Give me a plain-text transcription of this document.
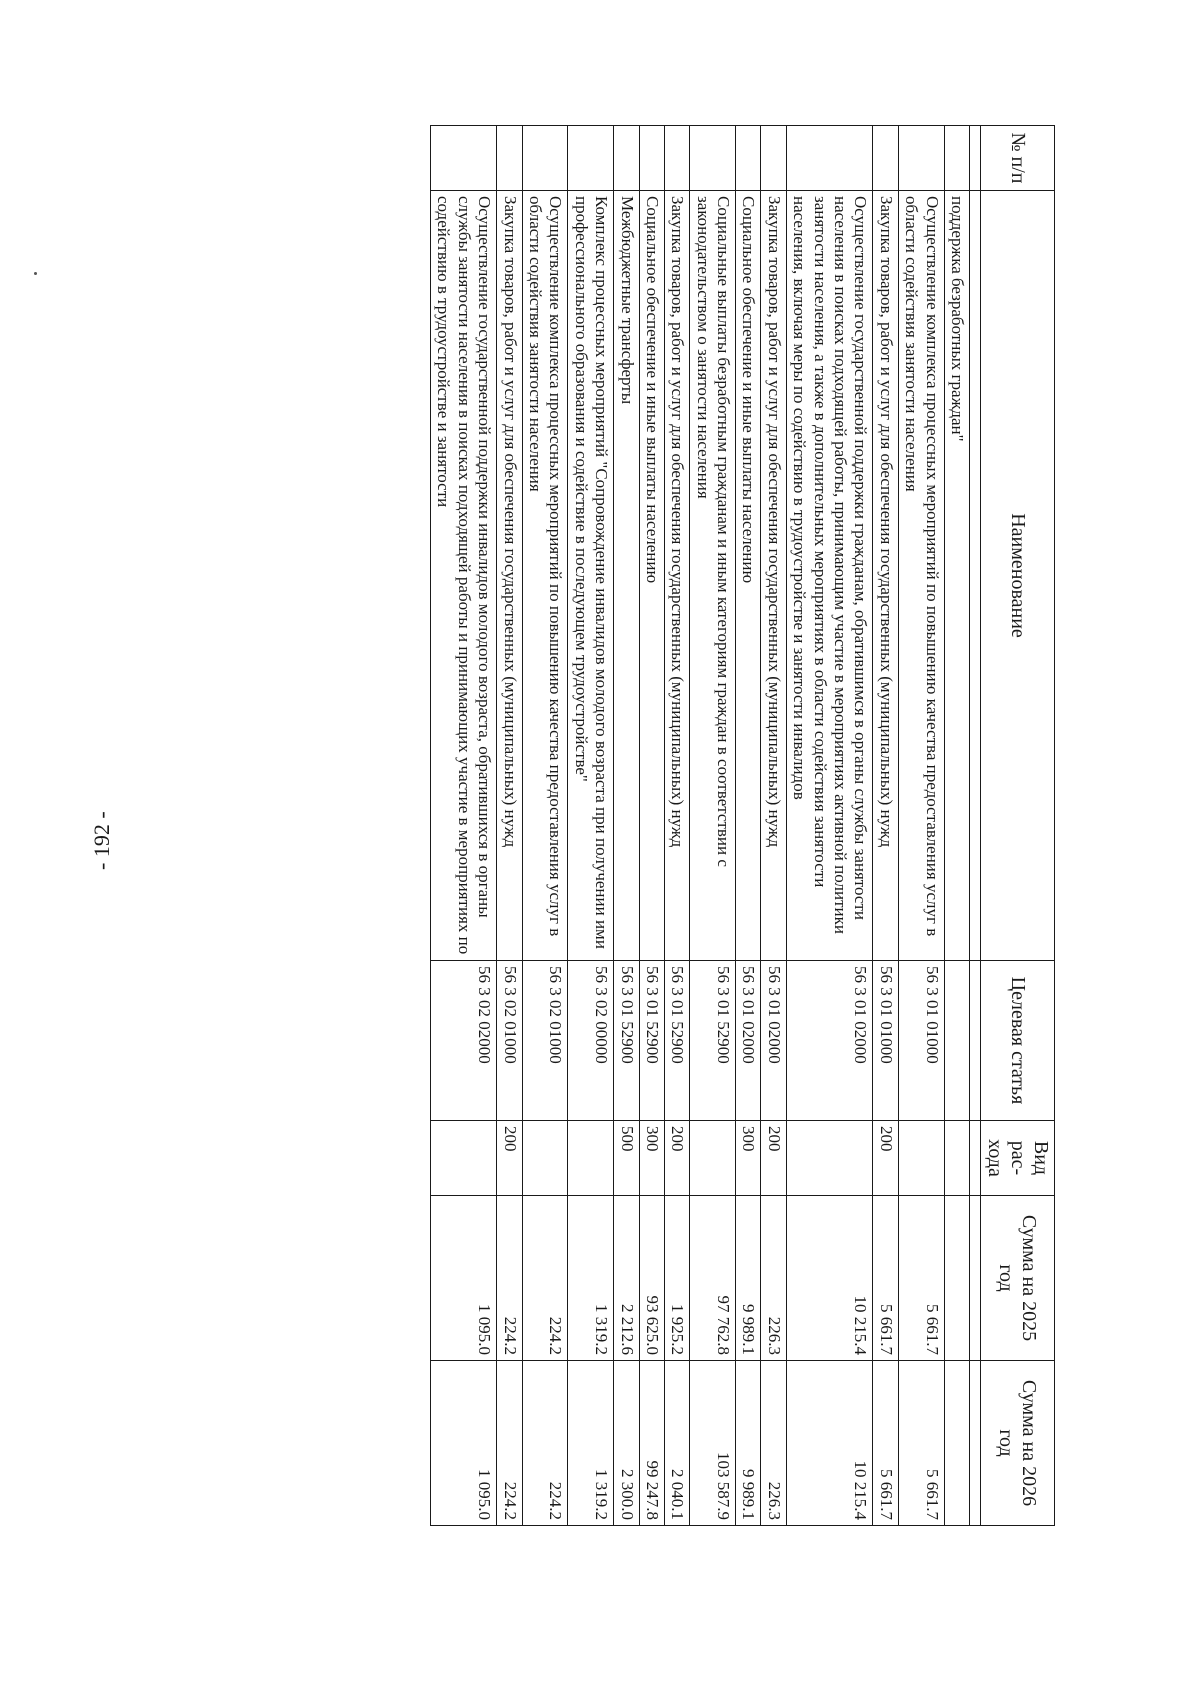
- 192 -
№ п/п	Наименование	Целевая статья	Вид рас-хода	Сумма на 2025 год	Сумма на 2026 год

	поддержка безработных граждан"				
	Осуществление комплекса процессных мероприятий по повышению качества предоставления услуг в области содействия занятости населения	56 3 01 01000		5 661.7	5 661.7
	Закупка товаров, работ и услуг для обеспечения государственных (муниципальных) нужд	56 3 01 01000	200	5 661.7	5 661.7
	Осуществление государственной поддержки гражданам, обратившимся в органы службы занятости населения в поисках подходящей работы, принимающим участие в мероприятиях активной политики занятости населения, а также в дополнительных мероприятиях в области содействия занятости населения, включая меры по содействию в трудоустройстве и занятости инвалидов	56 3 01 02000		10 215.4	10 215.4
	Закупка товаров, работ и услуг для обеспечения государственных (муниципальных) нужд	56 3 01 02000	200	226.3	226.3
	Социальное обеспечение и иные выплаты населению	56 3 01 02000	300	9 989.1	9 989.1
	Социальные выплаты безработным гражданам и иным категориям граждан в соответствии с законодательством о занятости населения	56 3 01 52900		97 762.8	103 587.9
	Закупка товаров, работ и услуг для обеспечения государственных (муниципальных) нужд	56 3 01 52900	200	1 925.2	2 040.1
	Социальное обеспечение и иные выплаты населению	56 3 01 52900	300	93 625.0	99 247.8
	Межбюджетные трансферты	56 3 01 52900	500	2 212.6	2 300.0
	Комплекс процессных мероприятий "Сопровождение инвалидов молодого возраста при получении ими профессионального образования и содействие в последующем трудоустройстве"	56 3 02 00000		1 319.2	1 319.2
	Осуществление комплекса процессных мероприятий по повышению качества предоставления услуг в области содействия занятости населения	56 3 02 01000		224.2	224.2
	Закупка товаров, работ и услуг для обеспечения государственных (муниципальных) нужд	56 3 02 01000	200	224.2	224.2
	Осуществление государственной поддержки инвалидов молодого возраста, обратившихся в органы службы занятости населения в поисках подходящей работы и принимающих участие в мероприятиях по содействию в трудоустройстве и занятости	56 3 02 02000		1 095.0	1 095.0
